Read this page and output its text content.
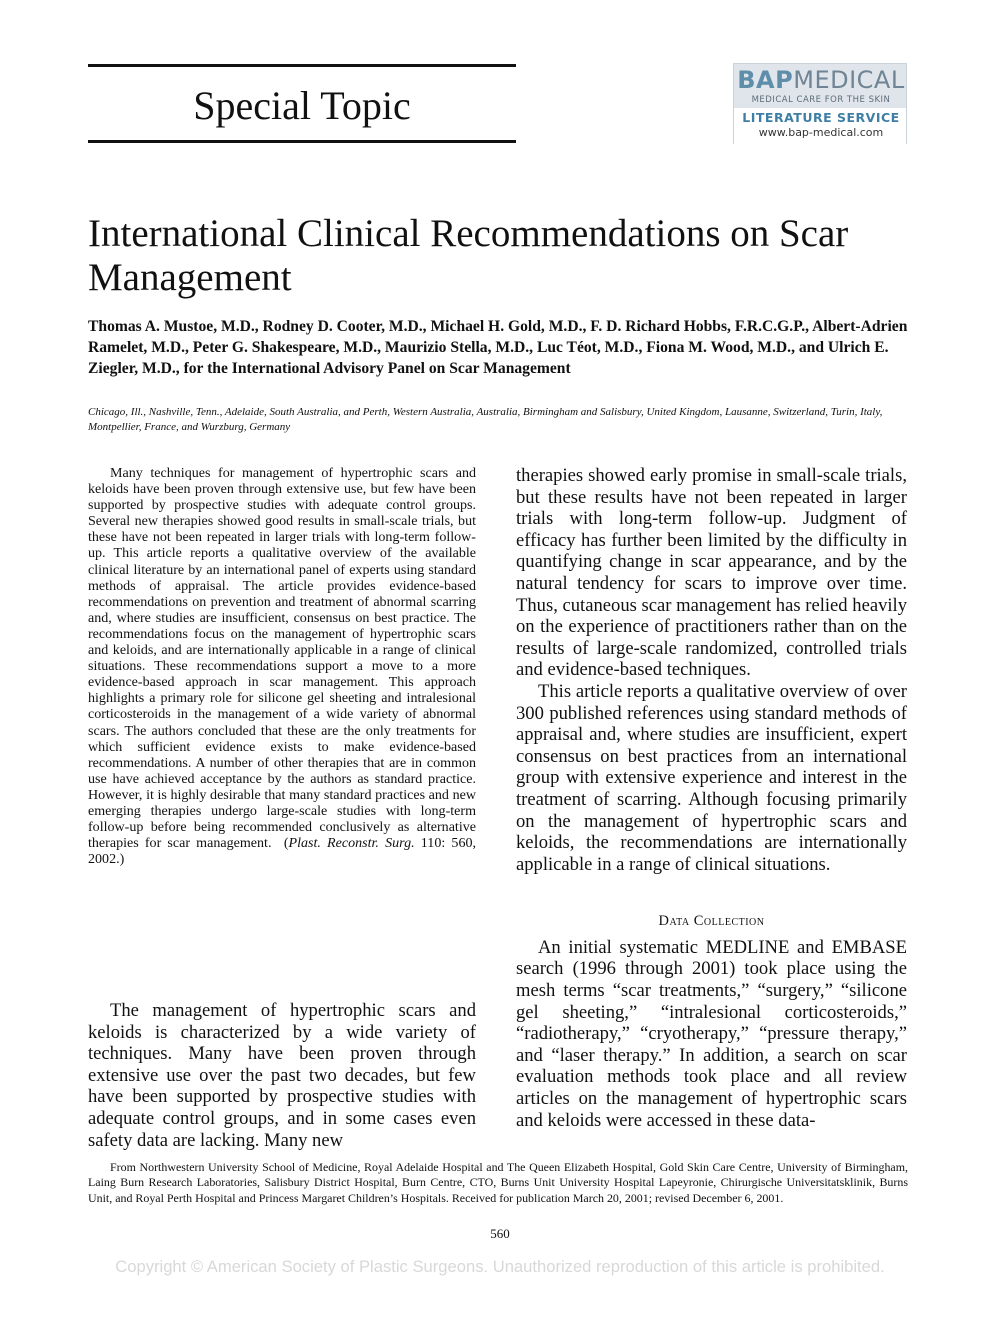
Special Topic
BAPMEDICAL
MEDICAL CARE FOR THE SKIN
LITERATURE SERVICE
www.bap-medical.com
International Clinical Recommendations on Scar Management
Thomas A. Mustoe, M.D., Rodney D. Cooter, M.D., Michael H. Gold, M.D., F. D. Richard Hobbs, F.R.C.G.P., Albert-Adrien Ramelet, M.D., Peter G. Shakespeare, M.D., Maurizio Stella, M.D., Luc Téot, M.D., Fiona M. Wood, M.D., and Ulrich E. Ziegler, M.D., for the International Advisory Panel on Scar Management
Chicago, Ill., Nashville, Tenn., Adelaide, South Australia, and Perth, Western Australia, Australia, Birmingham and Salisbury, United Kingdom, Lausanne, Switzerland, Turin, Italy, Montpellier, France, and Wurzburg, Germany
Many techniques for management of hypertrophic scars and keloids have been proven through extensive use, but few have been supported by prospective studies with adequate control groups. Several new therapies showed good results in small-scale trials, but these have not been repeated in larger trials with long-term follow-up. This article reports a qualitative overview of the available clinical literature by an international panel of experts using standard methods of appraisal. The article provides evidence-based recommendations on prevention and treatment of abnormal scarring and, where studies are insufficient, consensus on best practice. The recommendations focus on the management of hypertrophic scars and keloids, and are internationally applicable in a range of clinical situations. These recommendations support a move to a more evidence-based approach in scar management. This approach highlights a primary role for silicone gel sheeting and intralesional corticosteroids in the management of a wide variety of abnormal scars. The authors concluded that these are the only treatments for which sufficient evidence exists to make evidence-based recommendations. A number of other therapies that are in common use have achieved acceptance by the authors as standard practice. However, it is highly desirable that many standard practices and new emerging therapies undergo large-scale studies with long-term follow-up before being recommended conclusively as alternative therapies for scar management. (Plast. Reconstr. Surg. 110: 560, 2002.)
The management of hypertrophic scars and keloids is characterized by a wide variety of techniques. Many have been proven through extensive use over the past two decades, but few have been supported by prospective studies with adequate control groups, and in some cases even safety data are lacking. Many new

therapies showed early promise in small-scale trials, but these results have not been repeated in larger trials with long-term follow-up. Judgment of efficacy has further been limited by the difficulty in quantifying change in scar appearance, and by the natural tendency for scars to improve over time. Thus, cutaneous scar management has relied heavily on the experience of practitioners rather than on the results of large-scale randomized, controlled trials and evidence-based techniques.

This article reports a qualitative overview of over 300 published references using standard methods of appraisal and, where studies are insufficient, expert consensus on best practices from an international group with extensive experience and interest in the treatment of scarring. Although focusing primarily on the management of hypertrophic scars and keloids, the recommendations are internationally applicable in a range of clinical situations.

Data Collection

An initial systematic MEDLINE and EMBASE search (1996 through 2001) took place using the mesh terms “scar treatments,” “surgery,” “silicone gel sheeting,” “intralesional corticosteroids,” “radiotherapy,” “cryotherapy,” “pressure therapy,” and “laser therapy.” In addition, a search on scar evaluation methods took place and all review articles on the management of hypertrophic scars and keloids were accessed in these data-

From Northwestern University School of Medicine, Royal Adelaide Hospital and The Queen Elizabeth Hospital, Gold Skin Care Centre, University of Birmingham, Laing Burn Research Laboratories, Salisbury District Hospital, Burn Centre, CTO, Burns Unit University Hospital Lapeyronie, Chirurgische Universitatsklinik, Burns Unit, and Royal Perth Hospital and Princess Margaret Children’s Hospitals. Received for publication March 20, 2001; revised December 6, 2001.
560
Copyright © American Society of Plastic Surgeons. Unauthorized reproduction of this article is prohibited.
